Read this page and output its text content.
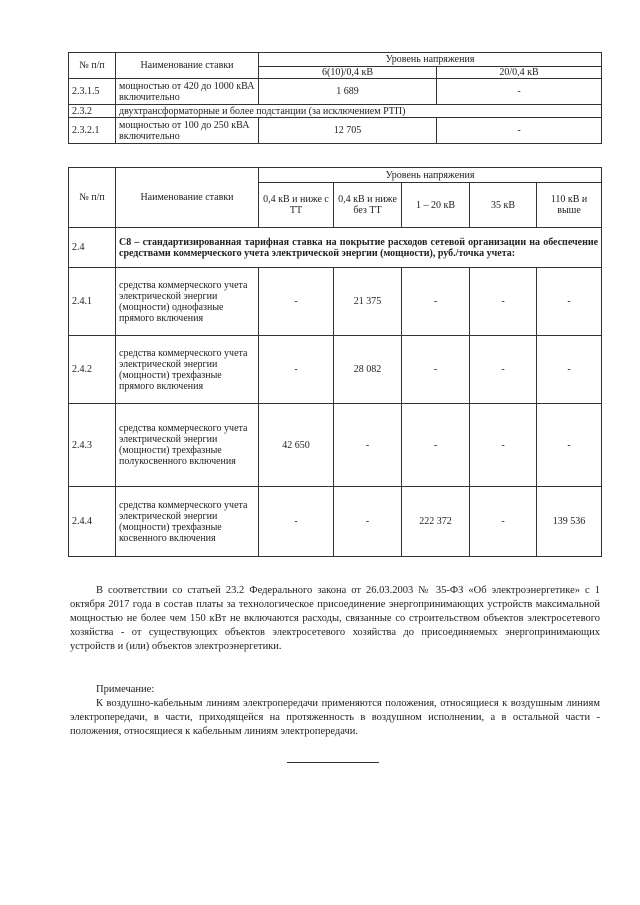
№ п/п	Наименование ставки	Уровень напряжения	
		6(10)/0,4 кВ	20/0,4 кВ
2.3.1.5	мощностью от 420 до 1000 кВА включительно	1 689	-
2.3.2	двухтрансформаторные и более подстанции (за исключением РТП)		
2.3.2.1	мощностью от 100 до 250 кВА включительно	12 705	-
№ п/п	Наименование ставки	Уровень напряжения				
		0,4 кВ и ниже с ТТ	0,4 кВ и ниже без ТТ	1 – 20 кВ	35 кВ	110 кВ и выше
2.4	С8 – стандартизированная тарифная ставка на покрытие расходов сетевой организации на обеспечение средствами коммерческого учета электрической энергии (мощности), руб./точка учета:					
2.4.1	средства коммерческого учета электрической энергии (мощности) однофазные прямого включения	-	21 375	-	-	-
2.4.2	средства коммерческого учета электрической энергии (мощности) трехфазные прямого включения	-	28 082	-	-	-
2.4.3	средства коммерческого учета электрической энергии (мощности) трехфазные полукосвенного включения	42 650	-	-	-	-
2.4.4	средства коммерческого учета электрической энергии (мощности) трехфазные косвенного включения	-	-	222 372	-	139 536
В соответствии со статьей 23.2 Федерального закона от 26.03.2003 № 35-ФЗ «Об электроэнергетике» с 1 октября 2017 года в состав платы за технологическое присоединение энергопринимающих устройств максимальной мощностью не более чем 150 кВт не включаются расходы, связанные со строительством объектов электросетевого хозяйства - от существующих объектов электросетевого хозяйства до присоединяемых энергопринимающих устройств и (или) объектов электроэнергетики.
Примечание:
К воздушно-кабельным линиям электропередачи применяются положения, относящиеся к воздушным линиям электропередачи, в части, приходящейся на протяженность в воздушном исполнении, а в остальной части - положения, относящиеся к кабельным линиям электропередачи.
